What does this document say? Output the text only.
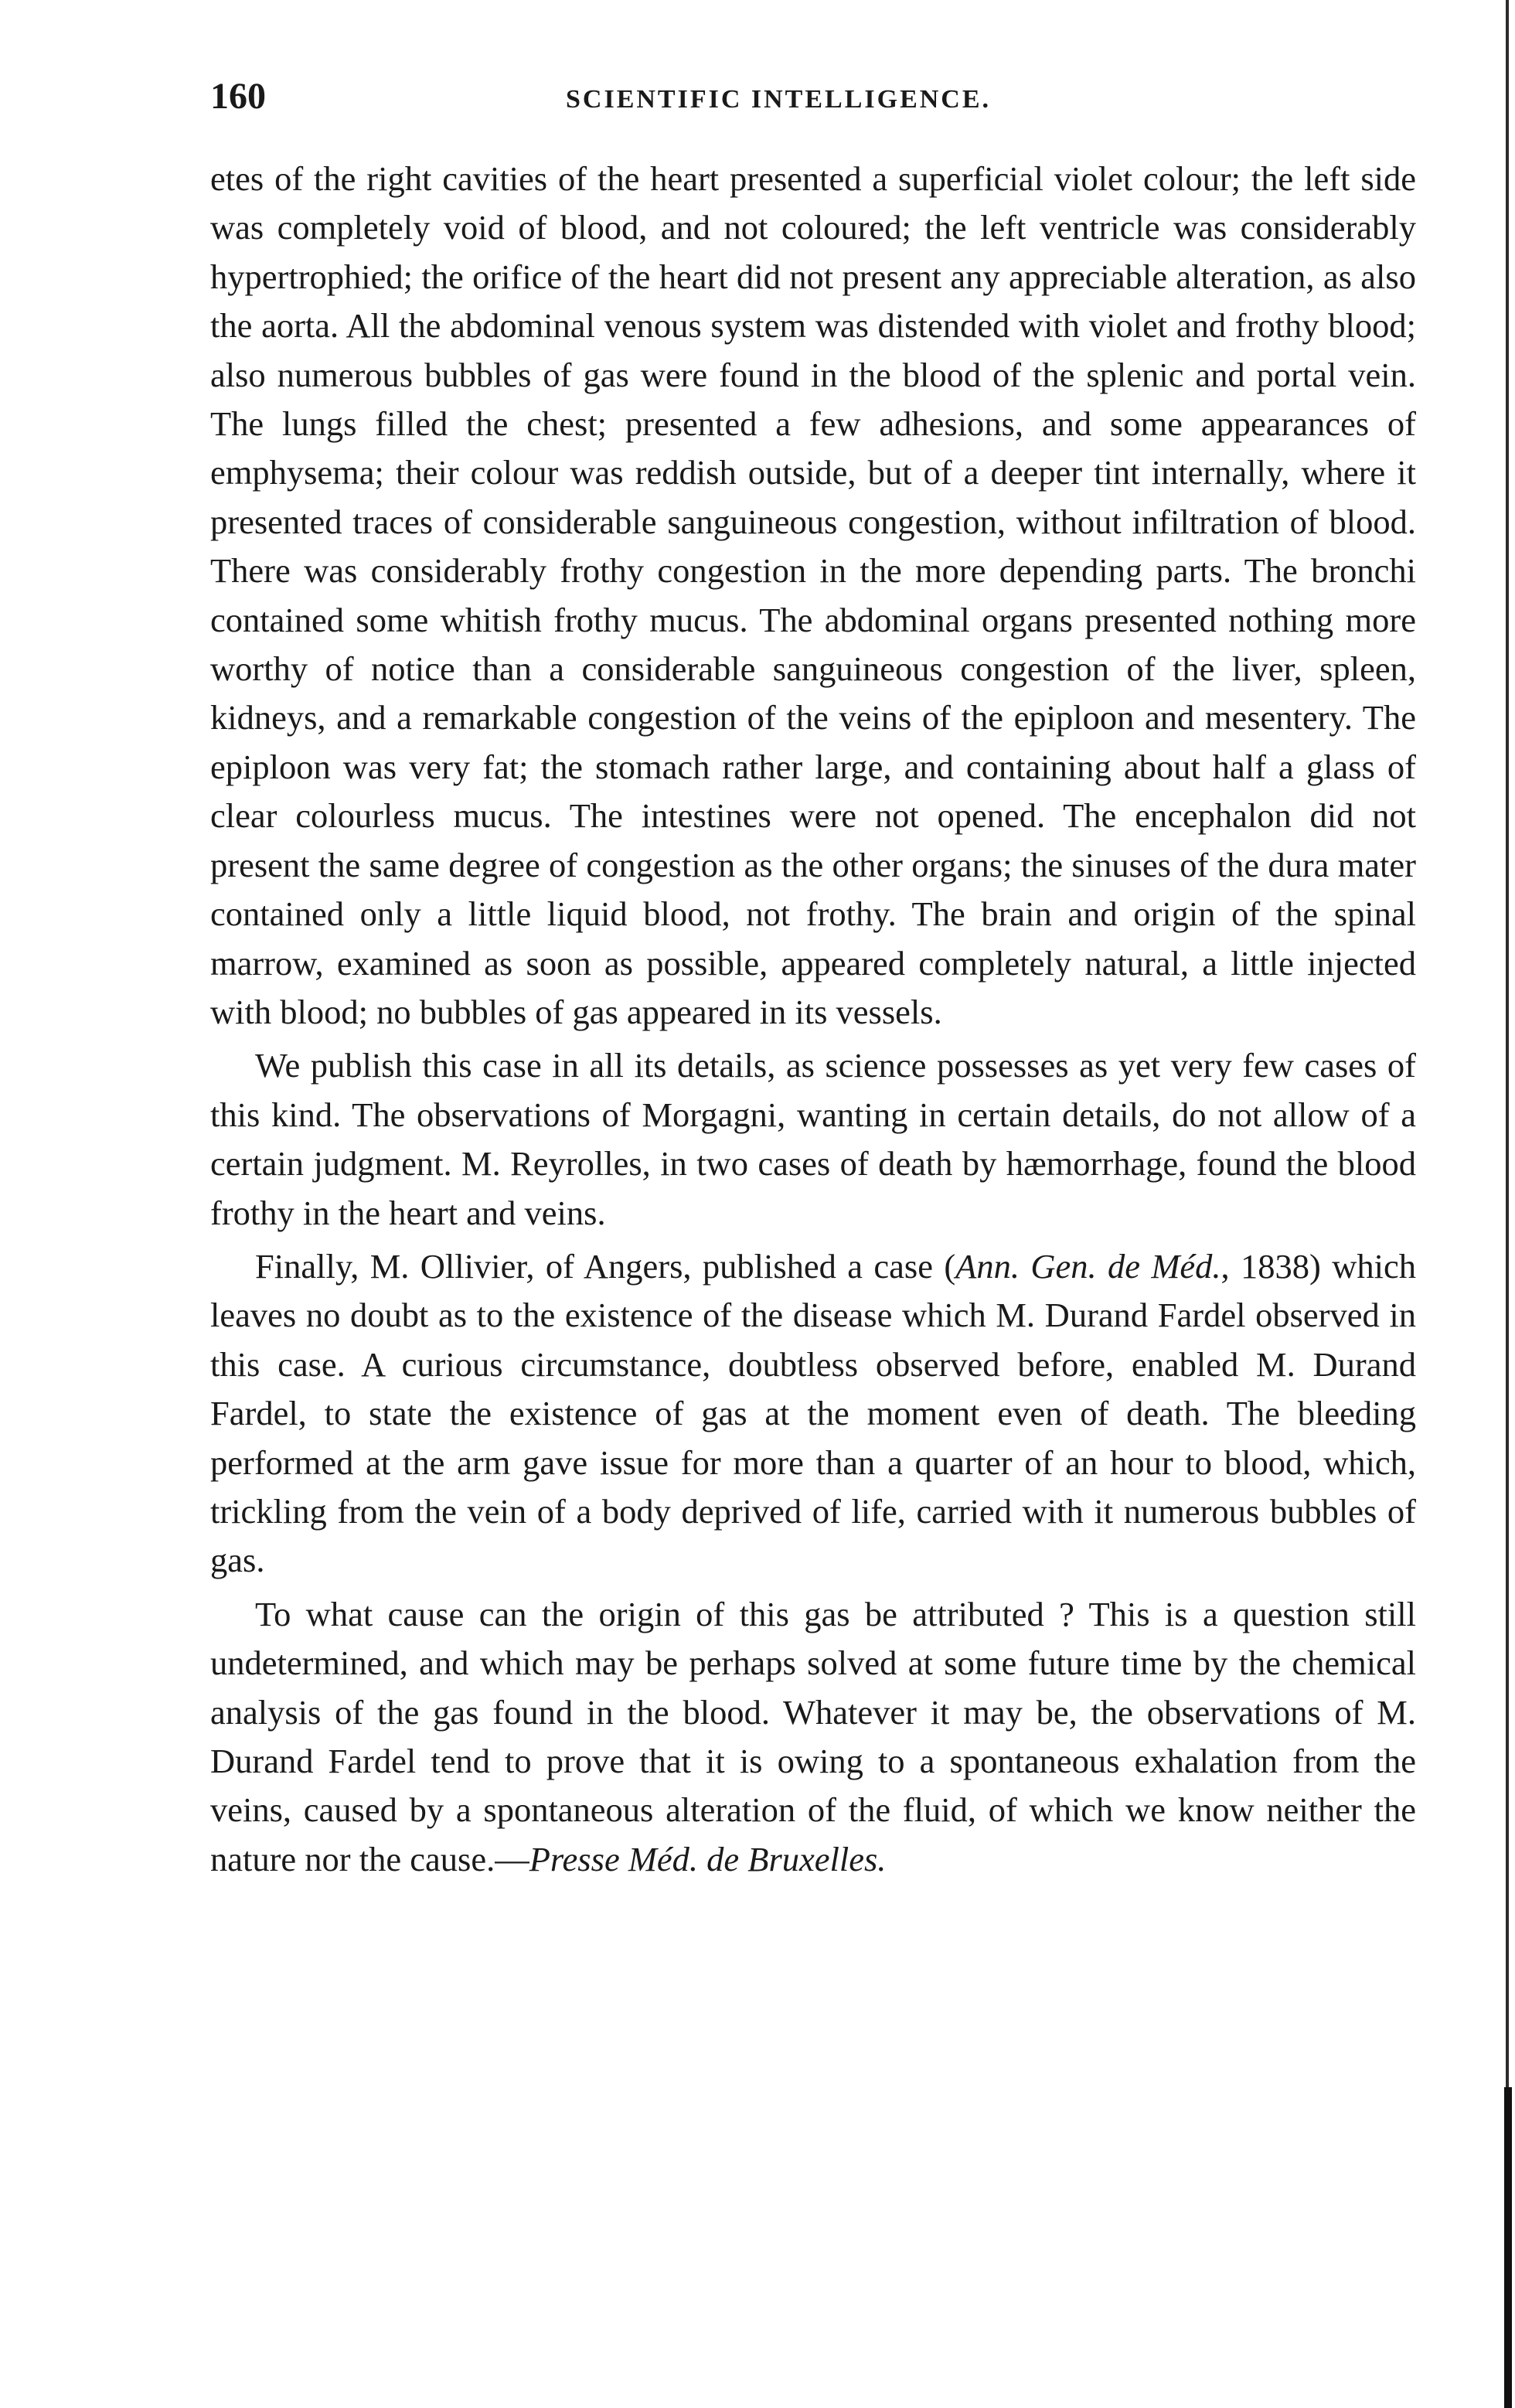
160	SCIENTIFIC INTELLIGENCE.

etes of the right cavities of the heart presented a superficial violet colour; the left side was completely void of blood, and not coloured; the left ventricle was considerably hypertrophied; the orifice of the heart did not present any appreciable alteration, as also the aorta. All the abdominal venous system was distended with violet and frothy blood; also numerous bubbles of gas were found in the blood of the splenic and portal vein. The lungs filled the chest; presented a few adhesions, and some appearances of emphysema; their colour was reddish outside, but of a deeper tint internally, where it presented traces of considerable sanguineous congestion, without infiltration of blood. There was considerably frothy congestion in the more depending parts. The bronchi contained some whitish frothy mucus. The abdominal organs presented nothing more worthy of notice than a considerable sanguineous congestion of the liver, spleen, kidneys, and a remarkable congestion of the veins of the epiploon and mesentery. The epiploon was very fat; the stomach rather large, and containing about half a glass of clear colourless mucus. The intestines were not opened. The encephalon did not present the same degree of congestion as the other organs; the sinuses of the dura mater contained only a little liquid blood, not frothy. The brain and origin of the spinal marrow, examined as soon as possible, appeared completely natural, a little injected with blood; no bubbles of gas appeared in its vessels.

We publish this case in all its details, as science possesses as yet very few cases of this kind. The observations of Morgagni, wanting in certain details, do not allow of a certain judgment. M. Reyrolles, in two cases of death by hæmorrhage, found the blood frothy in the heart and veins.

Finally, M. Ollivier, of Angers, published a case (Ann. Gen. de Méd., 1838) which leaves no doubt as to the existence of the disease which M. Durand Fardel observed in this case. A curious circumstance, doubtless observed before, enabled M. Durand Fardel, to state the existence of gas at the moment even of death. The bleeding performed at the arm gave issue for more than a quarter of an hour to blood, which, trickling from the vein of a body deprived of life, carried with it numerous bubbles of gas.

To what cause can the origin of this gas be attributed ? This is a question still undetermined, and which may be perhaps solved at some future time by the chemical analysis of the gas found in the blood. Whatever it may be, the observations of M. Durand Fardel tend to prove that it is owing to a spontaneous exhalation from the veins, caused by a spontaneous alteration of the fluid, of which we know neither the nature nor the cause.—Presse Méd. de Bruxelles.
